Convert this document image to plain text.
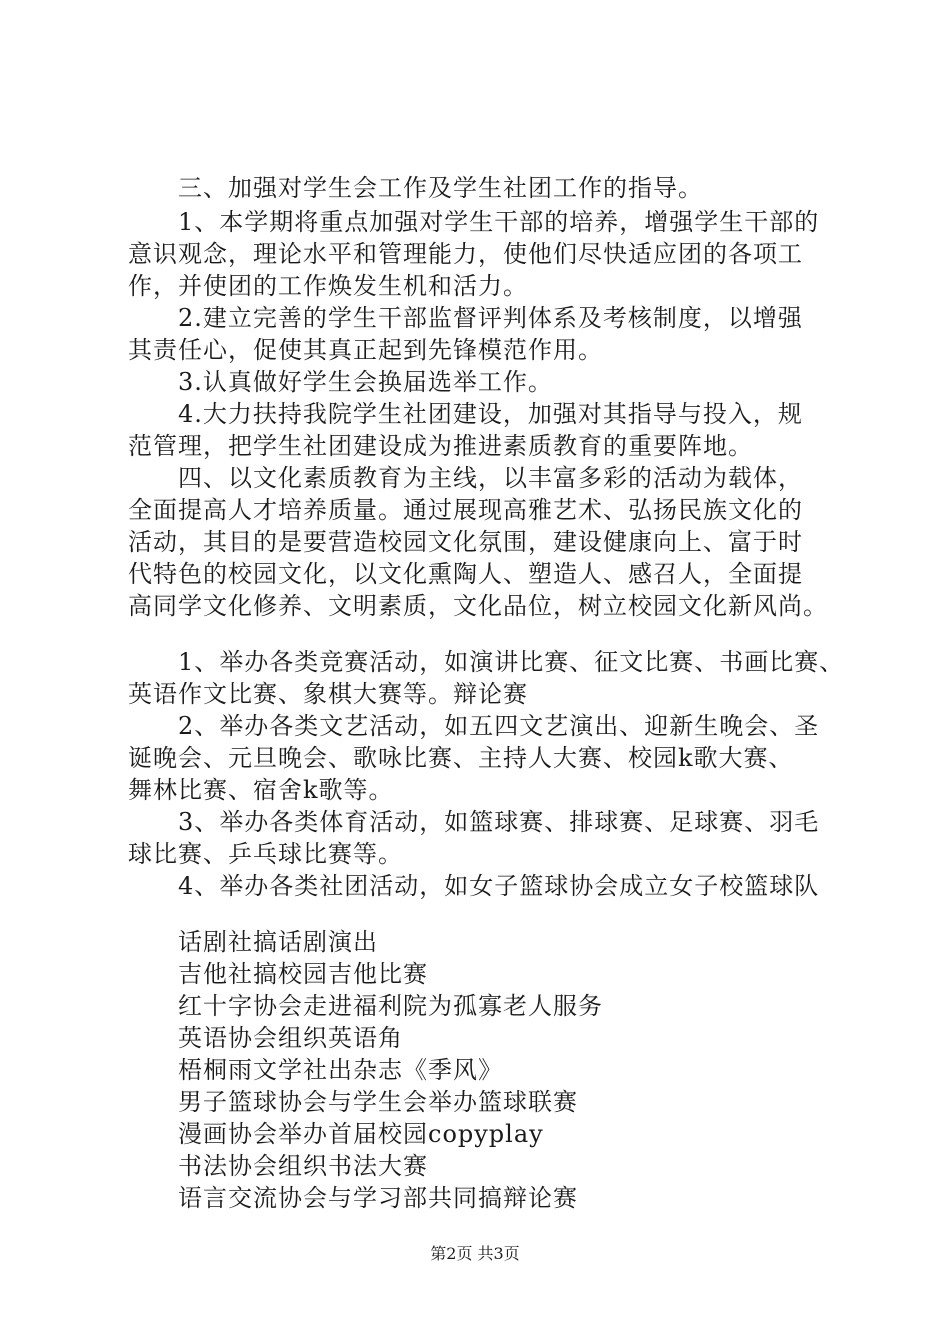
三、加强对学生会工作及学生社团工作的指导。
1、本学期将重点加强对学生干部的培养，增强学生干部的
意识观念，理论水平和管理能力，使他们尽快适应团的各项工
作，并使团的工作焕发生机和活力。
2.建立完善的学生干部监督评判体系及考核制度，以增强
其责任心，促使其真正起到先锋模范作用。
3.认真做好学生会换届选举工作。
4.大力扶持我院学生社团建设，加强对其指导与投入，规
范管理，把学生社团建设成为推进素质教育的重要阵地。
四、以文化素质教育为主线，以丰富多彩的活动为载体，
全面提高人才培养质量。通过展现高雅艺术、弘扬民族文化的
活动，其目的是要营造校园文化氛围，建设健康向上、富于时
代特色的校园文化，以文化熏陶人、塑造人、感召人，全面提
高同学文化修养、文明素质，文化品位，树立校园文化新风尚。
1、举办各类竞赛活动，如演讲比赛、征文比赛、书画比赛、
英语作文比赛、象棋大赛等。辩论赛
2、举办各类文艺活动，如五四文艺演出、迎新生晚会、圣
诞晚会、元旦晚会、歌咏比赛、主持人大赛、校园k歌大赛、
舞林比赛、宿舍k歌等。
3、举办各类体育活动，如篮球赛、排球赛、足球赛、羽毛
球比赛、乒乓球比赛等。
4、举办各类社团活动，如女子篮球协会成立女子校篮球队
话剧社搞话剧演出
吉他社搞校园吉他比赛
红十字协会走进福利院为孤寡老人服务
英语协会组织英语角
梧桐雨文学社出杂志《季风》
男子篮球协会与学生会举办篮球联赛
漫画协会举办首届校园copyplay
书法协会组织书法大赛
语言交流协会与学习部共同搞辩论赛
第2页 共3页
